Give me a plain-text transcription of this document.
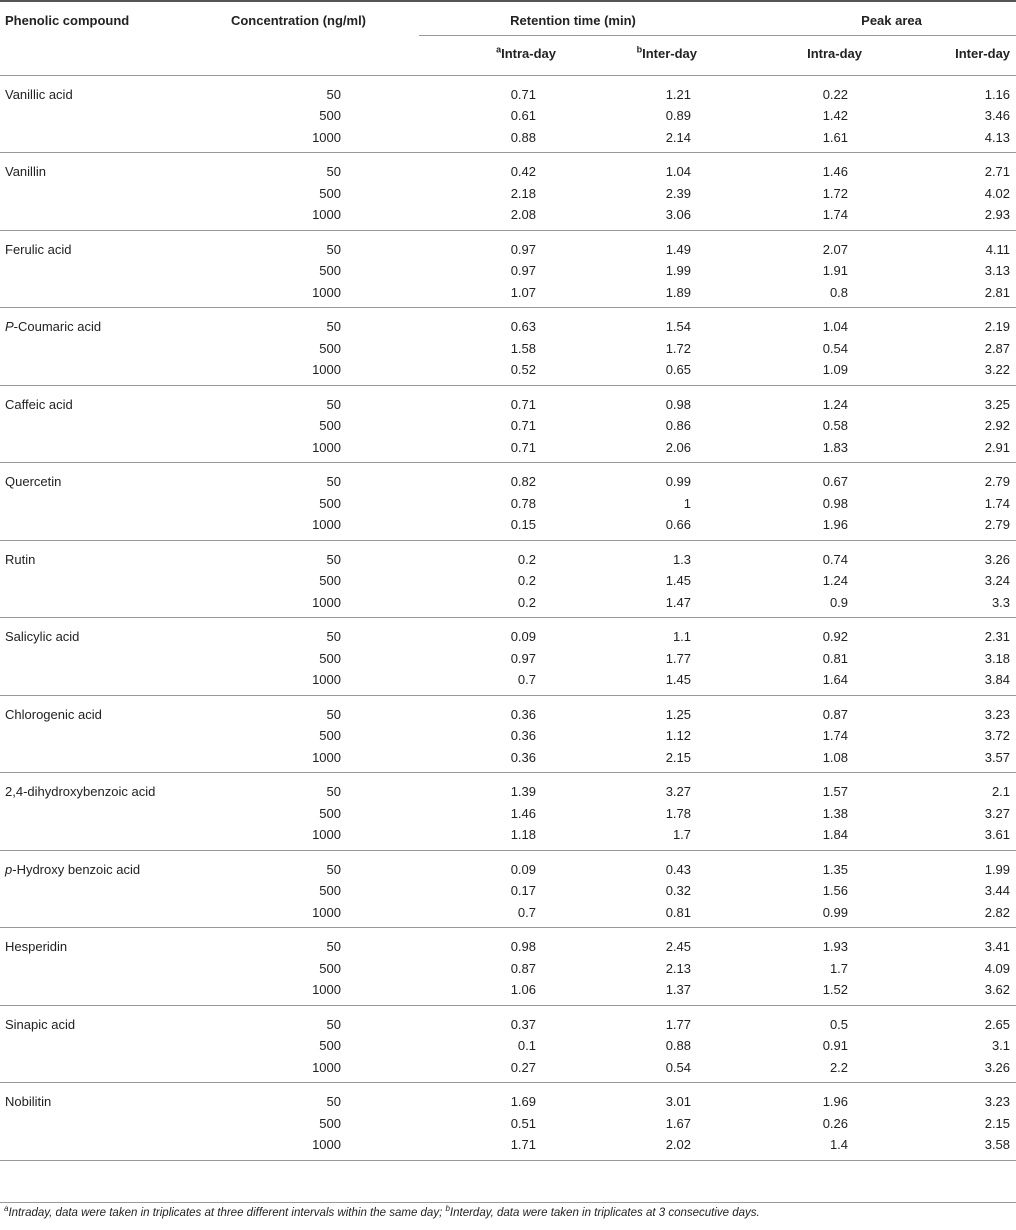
Phenolic compound	Concentration (ng/ml)	Retention time (min)		Peak area	
		$^a$Intra-day	$^b$Inter-day	Intra-day	Inter-day
Vanillic acid	50	0.71	1.21	0.22	1.16
	500	0.61	0.89	1.42	3.46
	1000	0.88	2.14	1.61	4.13
Vanillin	50	0.42	1.04	1.46	2.71
	500	2.18	2.39	1.72	4.02
	1000	2.08	3.06	1.74	2.93
Ferulic acid	50	0.97	1.49	2.07	4.11
	500	0.97	1.99	1.91	3.13
	1000	1.07	1.89	0.8	2.81
P-Coumaric acid	50	0.63	1.54	1.04	2.19
	500	1.58	1.72	0.54	2.87
	1000	0.52	0.65	1.09	3.22
Caffeic acid	50	0.71	0.98	1.24	3.25
	500	0.71	0.86	0.58	2.92
	1000	0.71	2.06	1.83	2.91
Quercetin	50	0.82	0.99	0.67	2.79
	500	0.78	1	0.98	1.74
	1000	0.15	0.66	1.96	2.79
Rutin	50	0.2	1.3	0.74	3.26
	500	0.2	1.45	1.24	3.24
	1000	0.2	1.47	0.9	3.3
Salicylic acid	50	0.09	1.1	0.92	2.31
	500	0.97	1.77	0.81	3.18
	1000	0.7	1.45	1.64	3.84
Chlorogenic acid	50	0.36	1.25	0.87	3.23
	500	0.36	1.12	1.74	3.72
	1000	0.36	2.15	1.08	3.57
2,4-dihydroxybenzoic acid	50	1.39	3.27	1.57	2.1
	500	1.46	1.78	1.38	3.27
	1000	1.18	1.7	1.84	3.61
p-Hydroxy benzoic acid	50	0.09	0.43	1.35	1.99
	500	0.17	0.32	1.56	3.44
	1000	0.7	0.81	0.99	2.82
Hesperidin	50	0.98	2.45	1.93	3.41
	500	0.87	2.13	1.7	4.09
	1000	1.06	1.37	1.52	3.62
Sinapic acid	50	0.37	1.77	0.5	2.65
	500	0.1	0.88	0.91	3.1
	1000	0.27	0.54	2.2	3.26
Nobilitin	50	1.69	3.01	1.96	3.23
	500	0.51	1.67	0.26	2.15
	1000	1.71	2.02	1.4	3.58
$^a$Intraday, data were taken in triplicates at three different intervals within the same day; $^b$Interday, data were taken in triplicates at 3 consecutive days.
